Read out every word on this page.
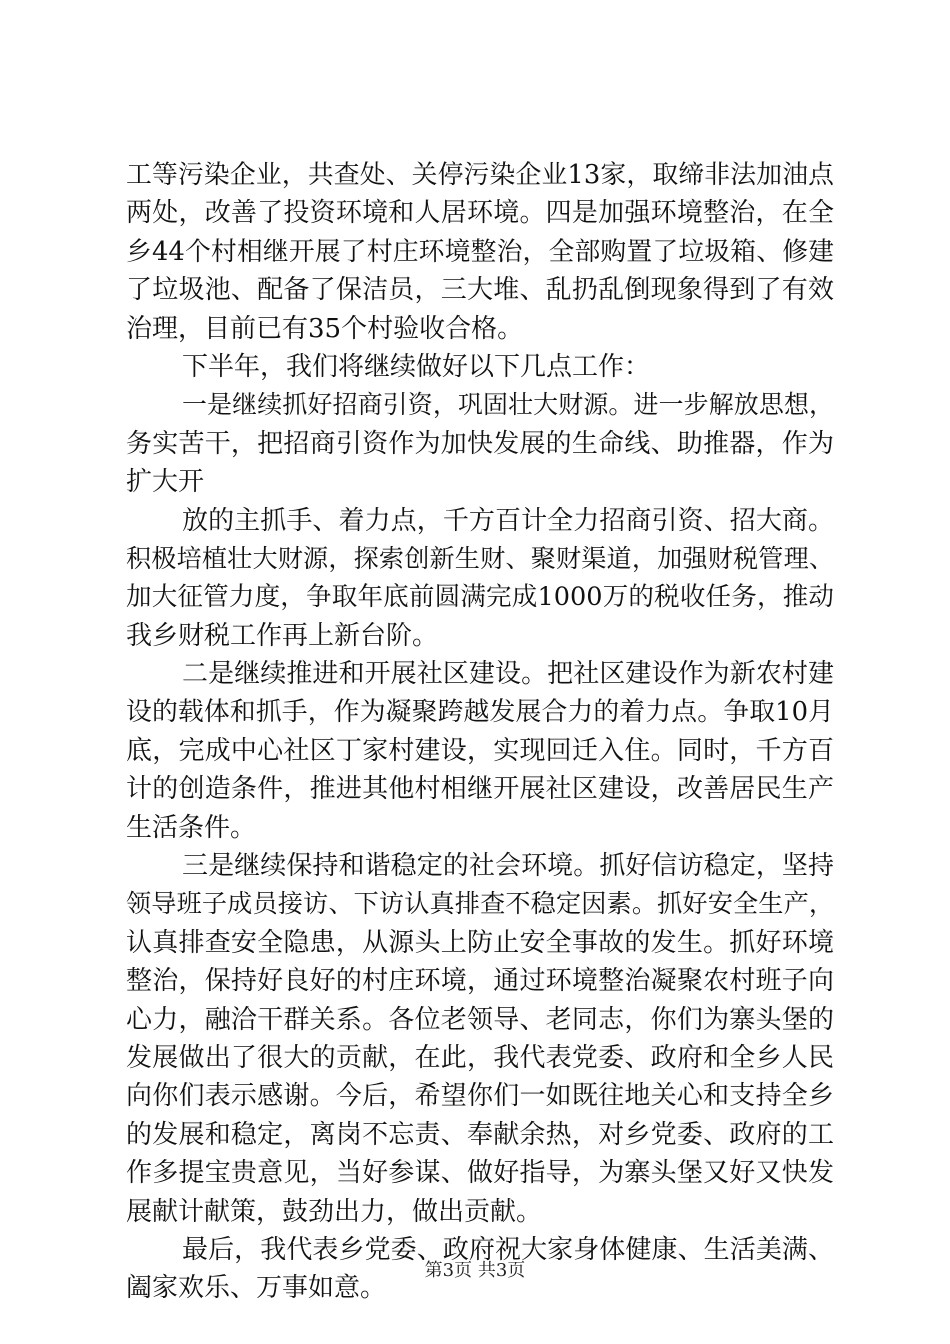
工等污染企业，共查处、关停污染企业13家，取缔非法加油点
两处，改善了投资环境和人居环境。四是加强环境整治，在全
乡44个村相继开展了村庄环境整治，全部购置了垃圾箱、修建
了垃圾池、配备了保洁员，三大堆、乱扔乱倒现象得到了有效
治理，目前已有35个村验收合格。
下半年，我们将继续做好以下几点工作：
一是继续抓好招商引资，巩固壮大财源。进一步解放思想，
务实苦干，把招商引资作为加快发展的生命线、助推器，作为
扩大开
放的主抓手、着力点，千方百计全力招商引资、招大商。
积极培植壮大财源，探索创新生财、聚财渠道，加强财税管理、
加大征管力度，争取年底前圆满完成1000万的税收任务，推动
我乡财税工作再上新台阶。
二是继续推进和开展社区建设。把社区建设作为新农村建
设的载体和抓手，作为凝聚跨越发展合力的着力点。争取10月
底，完成中心社区丁家村建设，实现回迁入住。同时，千方百
计的创造条件，推进其他村相继开展社区建设，改善居民生产
生活条件。
三是继续保持和谐稳定的社会环境。抓好信访稳定，坚持
领导班子成员接访、下访认真排查不稳定因素。抓好安全生产，
认真排查安全隐患，从源头上防止安全事故的发生。抓好环境
整治，保持好良好的村庄环境，通过环境整治凝聚农村班子向
心力，融洽干群关系。各位老领导、老同志，你们为寨头堡的
发展做出了很大的贡献，在此，我代表党委、政府和全乡人民
向你们表示感谢。今后，希望你们一如既往地关心和支持全乡
的发展和稳定，离岗不忘责、奉献余热，对乡党委、政府的工
作多提宝贵意见，当好参谋、做好指导，为寨头堡又好又快发
展献计献策，鼓劲出力，做出贡献。
最后，我代表乡党委、政府祝大家身体健康、生活美满、
阖家欢乐、万事如意。
第3页 共3页
